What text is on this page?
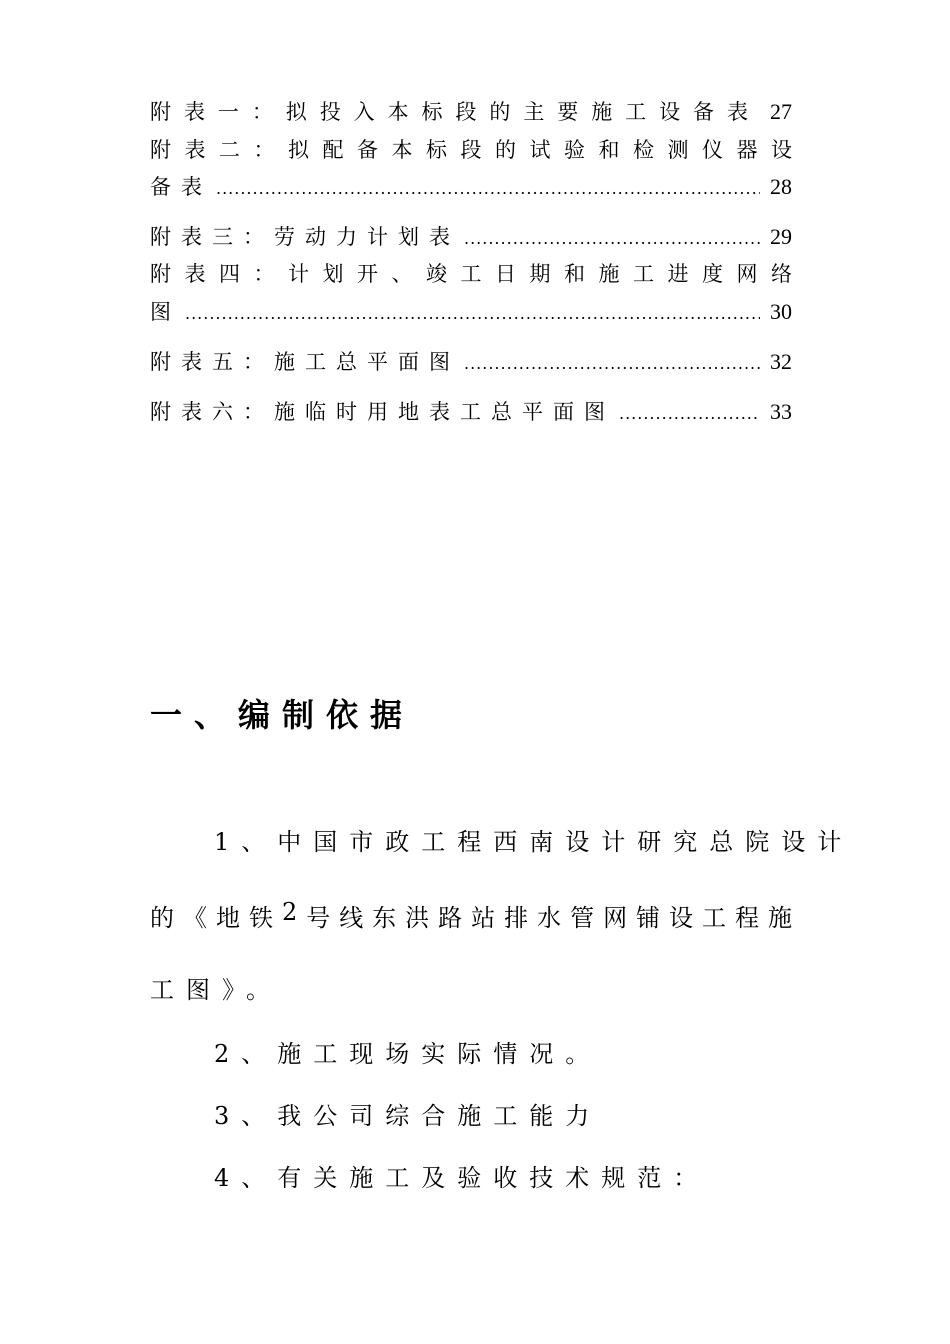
附 表 一 ： 拟 投 入 本 标 段 的 主 要 施 工 设 备 表 27
附 表 二 ： 拟 配 备 本 标 段 的 试 验 和 检 测 仪 器 设
备表 .....	28
附表三：劳动力计划表 .....	29
附 表 四 ： 计 划 开 、 竣 工 日 期 和 施 工 进 度 网 络
图 .....	30
附表五：施工总平面图 .....	32
附表六：施临时用地表工总平面图 .....	33
一、编制依据
1、中国市政工程西南设计研究总院设计
的 《 地 铁 2 号 线 东 洪 路 站 排 水 管 网 铺 设 工 程 施
工图》。
2、施工现场实际情况。
3、我公司综合施工能力
4、有关施工及验收技术规范：
